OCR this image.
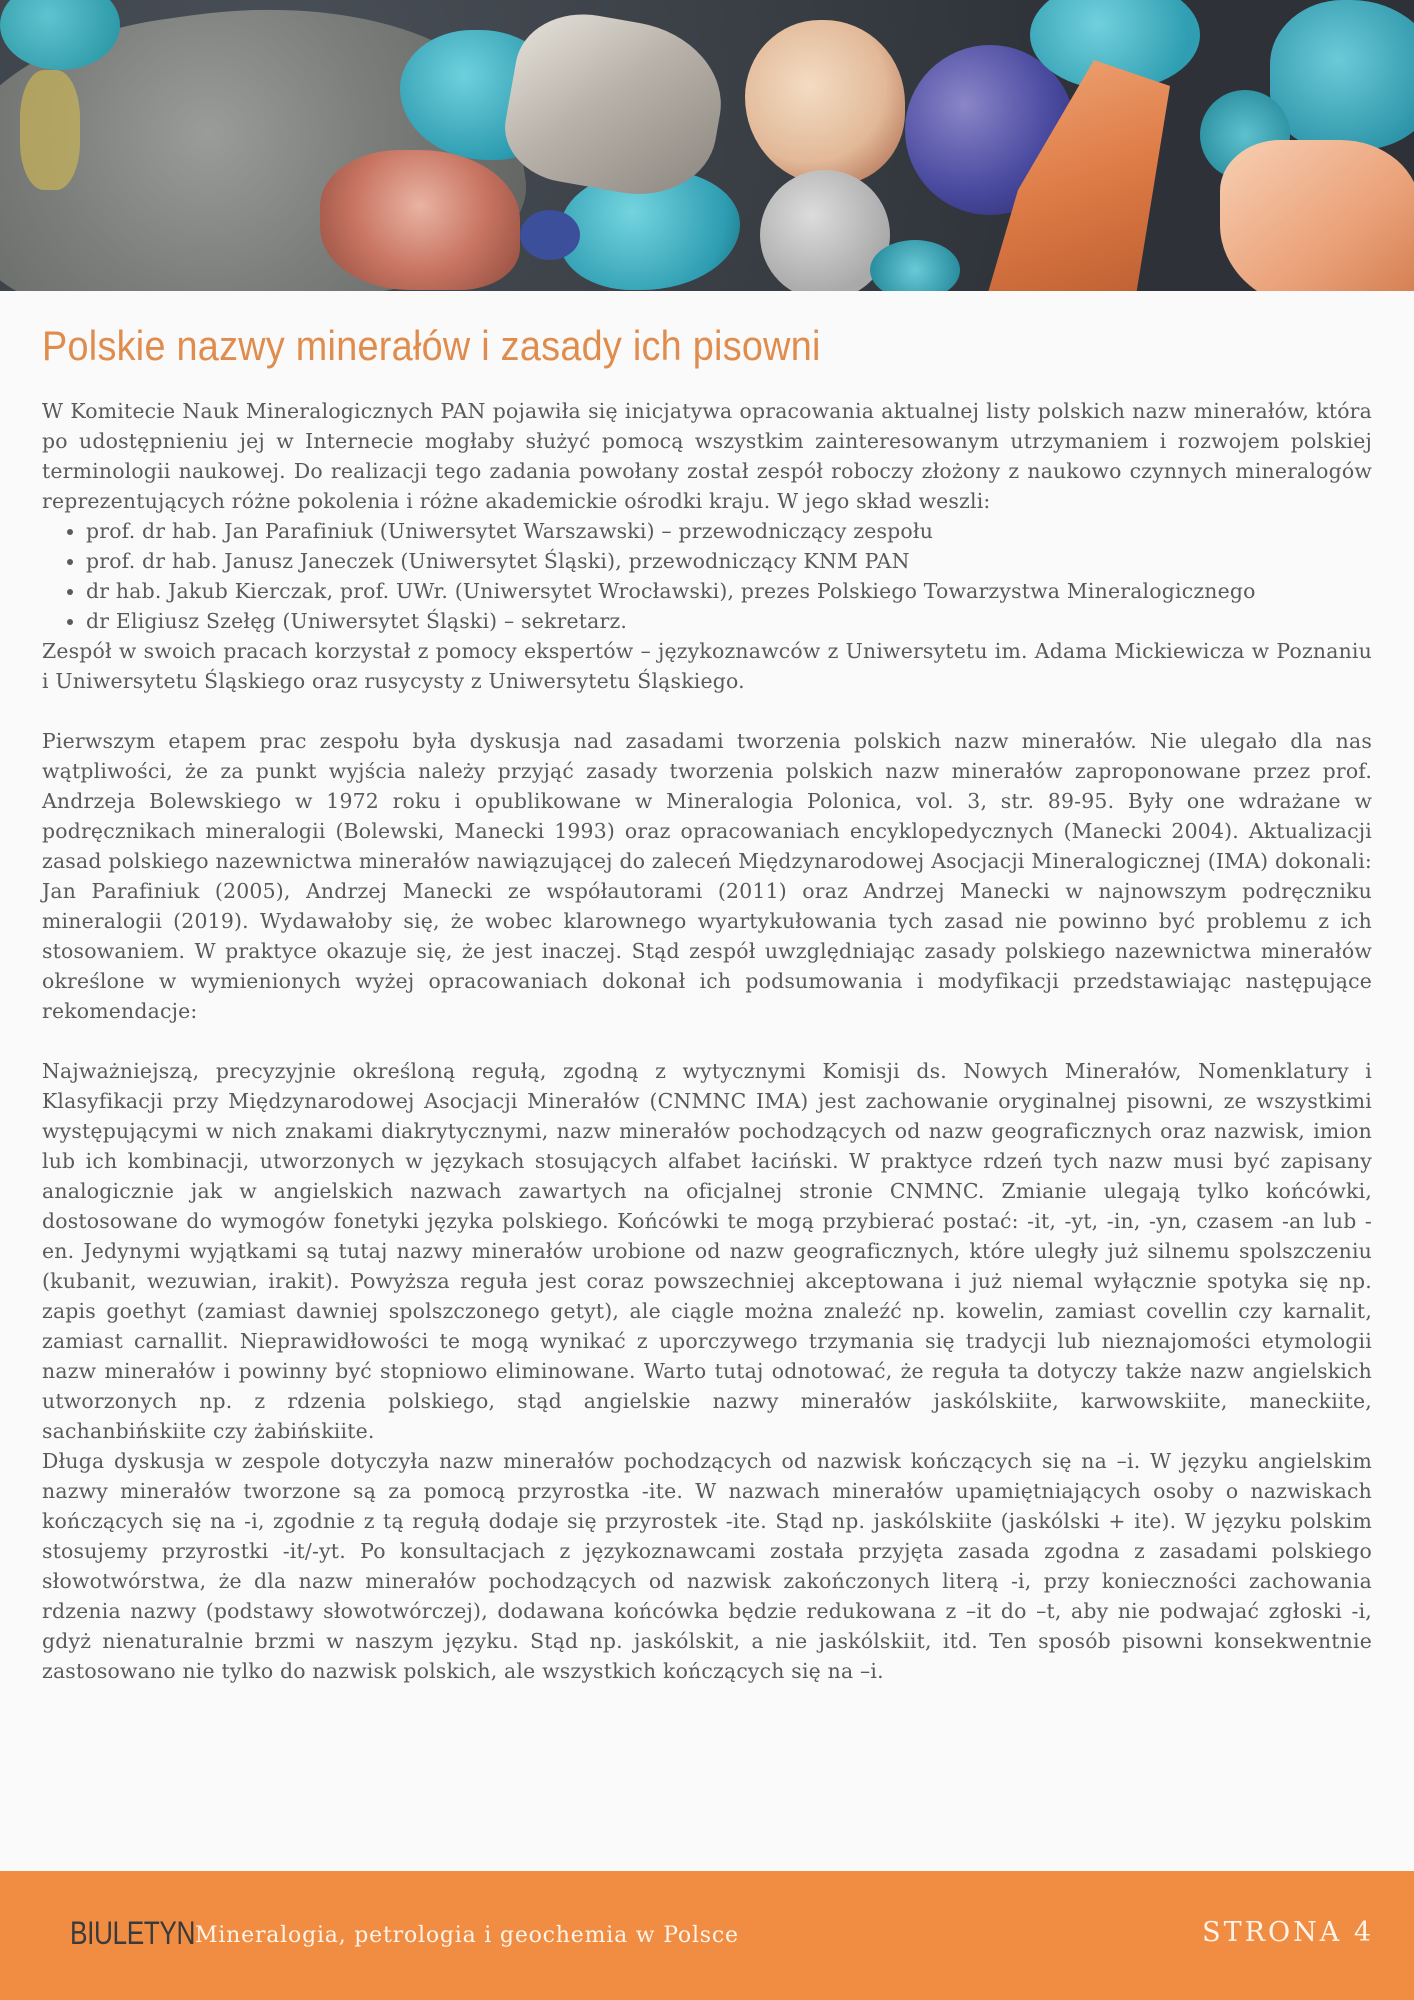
Polskie nazwy minerałów i zasady ich pisowni

W Komitecie Nauk Mineralogicznych PAN pojawiła się inicjatywa opracowania aktualnej listy polskich nazw minerałów, która po udostępnieniu jej w Internecie mogłaby służyć pomocą wszystkim zainteresowanym utrzymaniem i rozwojem polskiej terminologii naukowej. Do realizacji tego zadania powołany został zespół roboczy złożony z naukowo czynnych mineralogów reprezentujących różne pokolenia i różne akademickie ośrodki kraju. W jego skład weszli:

• prof. dr hab. Jan Parafiniuk (Uniwersytet Warszawski) – przewodniczący zespołu
• prof. dr hab. Janusz Janeczek (Uniwersytet Śląski), przewodniczący KNM PAN
• dr hab. Jakub Kierczak, prof. UWr. (Uniwersytet Wrocławski), prezes Polskiego Towarzystwa Mineralogicznego
• dr Eligiusz Szełęg (Uniwersytet Śląski) – sekretarz.

Zespół w swoich pracach korzystał z pomocy ekspertów – językoznawców z Uniwersytetu im. Adama Mickiewicza w Poznaniu i Uniwersytetu Śląskiego oraz rusycysty z Uniwersytetu Śląskiego.

Pierwszym etapem prac zespołu była dyskusja nad zasadami tworzenia polskich nazw minerałów. Nie ulegało dla nas wątpliwości, że za punkt wyjścia należy przyjąć zasady tworzenia polskich nazw minerałów zaproponowane przez prof. Andrzeja Bolewskiego w 1972 roku i opublikowane w Mineralogia Polonica, vol. 3, str. 89-95. Były one wdrażane w podręcznikach mineralogii (Bolewski, Manecki 1993) oraz opracowaniach encyklopedycznych (Manecki 2004). Aktualizacji zasad polskiego nazewnictwa minerałów nawiązującej do zaleceń Międzynarodowej Asocjacji Mineralogicznej (IMA) dokonali: Jan Parafiniuk (2005), Andrzej Manecki ze współautorami (2011) oraz Andrzej Manecki w najnowszym podręczniku mineralogii (2019). Wydawałoby się, że wobec klarownego wyartykułowania tych zasad nie powinno być problemu z ich stosowaniem. W praktyce okazuje się, że jest inaczej. Stąd zespół uwzględniając zasady polskiego nazewnictwa minerałów określone w wymienionych wyżej opracowaniach dokonał ich podsumowania i modyfikacji przedstawiając następujące rekomendacje:

Najważniejszą, precyzyjnie określoną regułą, zgodną z wytycznymi Komisji ds. Nowych Minerałów, Nomenklatury i Klasyfikacji przy Międzynarodowej Asocjacji Minerałów (CNMNC IMA) jest zachowanie oryginalnej pisowni, ze wszystkimi występującymi w nich znakami diakrytycznymi, nazw minerałów pochodzących od nazw geograficznych oraz nazwisk, imion lub ich kombinacji, utworzonych w językach stosujących alfabet łaciński. W praktyce rdzeń tych nazw musi być zapisany analogicznie jak w angielskich nazwach zawartych na oficjalnej stronie CNMNC. Zmianie ulegają tylko końcówki, dostosowane do wymogów fonetyki języka polskiego. Końcówki te mogą przybierać postać: -it, -yt, -in, -yn, czasem -an lub -en. Jedynymi wyjątkami są tutaj nazwy minerałów urobione od nazw geograficznych, które uległy już silnemu spolszczeniu (kubanit, wezuwian, irakit). Powyższa reguła jest coraz powszechniej akceptowana i już niemal wyłącznie spotyka się np. zapis goethyt (zamiast dawniej spolszczonego getyt), ale ciągle można znaleźć np. kowelin, zamiast covellin czy karnalit, zamiast carnallit. Nieprawidłowości te mogą wynikać z uporczywego trzymania się tradycji lub nieznajomości etymologii nazw minerałów i powinny być stopniowo eliminowane. Warto tutaj odnotować, że reguła ta dotyczy także nazw angielskich utworzonych np. z rdzenia polskiego, stąd angielskie nazwy minerałów jaskólskiite, karwowskiite, maneckiite, sachanbińskiite czy żabińskiite.

Długa dyskusja w zespole dotyczyła nazw minerałów pochodzących od nazwisk kończących się na –i. W języku angielskim nazwy minerałów tworzone są za pomocą przyrostka -ite. W nazwach minerałów upamiętniających osoby o nazwiskach kończących się na -i, zgodnie z tą regułą dodaje się przyrostek -ite. Stąd np. jaskólskiite (jaskólski + ite). W języku polskim stosujemy przyrostki -it/-yt. Po konsultacjach z językoznawcami została przyjęta zasada zgodna z zasadami polskiego słowotwórstwa, że dla nazw minerałów pochodzących od nazwisk zakończonych literą -i, przy konieczności zachowania rdzenia nazwy (podstawy słowotwórczej), dodawana końcówka będzie redukowana z –it do –t, aby nie podwajać zgłoski -i, gdyż nienaturalnie brzmi w naszym języku. Stąd np. jaskólskit, a nie jaskólskiit, itd. Ten sposób pisowni konsekwentnie zastosowano nie tylko do nazwisk polskich, ale wszystkich kończących się na –i.

BIULETYN Mineralogia, petrologia i geochemia w Polsce	STRONA 4
